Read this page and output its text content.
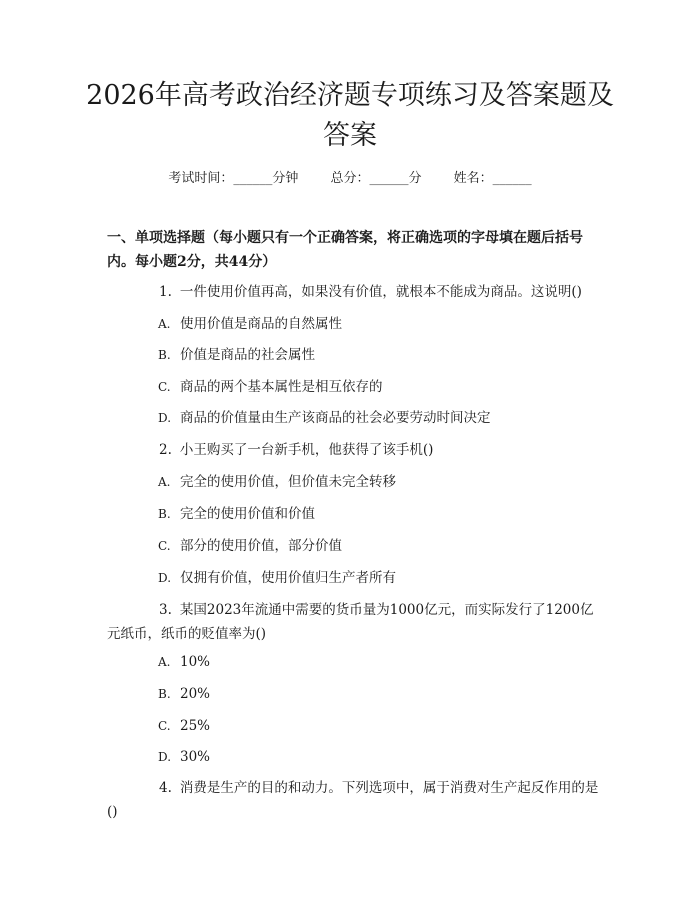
2026年高考政治经济题专项练习及答案题及答案
考试时间：______分钟 总分：______分 姓名：______

一、单项选择题（每小题只有一个正确答案，将正确选项的字母填在题后括号内。每小题2分，共44分）

1. 一件使用价值再高，如果没有价值，就根本不能成为商品。这说明()

A. 使用价值是商品的自然属性

B. 价值是商品的社会属性

C. 商品的两个基本属性是相互依存的

D. 商品的价值量由生产该商品的社会必要劳动时间决定

2. 小王购买了一台新手机，他获得了该手机()

A. 完全的使用价值，但价值未完全转移

B. 完全的使用价值和价值

C. 部分的使用价值，部分价值

D. 仅拥有价值，使用价值归生产者所有

3. 某国2023年流通中需要的货币量为1000亿元，而实际发行了1200亿元纸币，纸币的贬值率为()

A. 10%

B. 20%

C. 25%

D. 30%

4. 消费是生产的目的和动力。下列选项中，属于消费对生产起反作用的是()
